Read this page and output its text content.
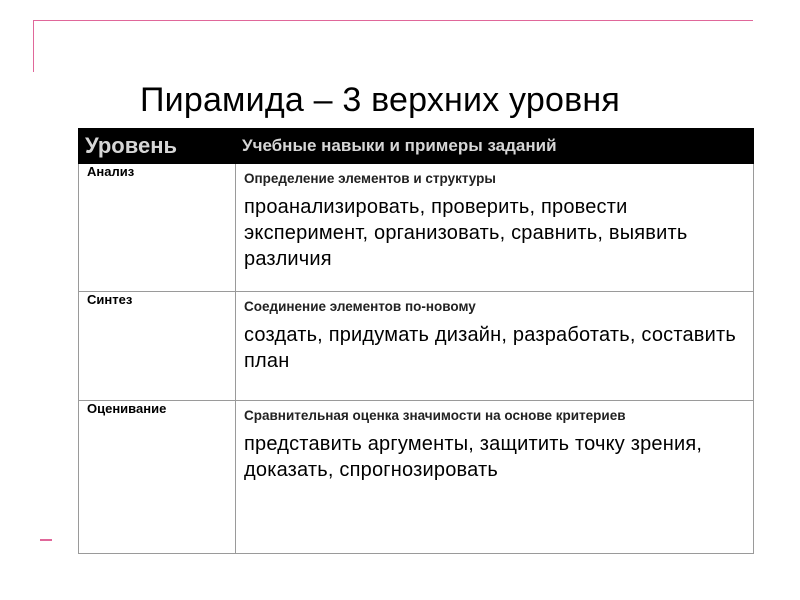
Пирамида – 3 верхних уровня
Уровень	Учебные навыки и примеры заданий
Анализ	Определение элементов и структуры
проанализировать, проверить, провести эксперимент, организовать, сравнить, выявить различия

Синтез	Соединение элементов по-новому
создать, придумать дизайн, разработать, составить план

Оценивание	Сравнительная оценка значимости на основе критериев
представить аргументы, защитить точку зрения, доказать, спрогнозировать
